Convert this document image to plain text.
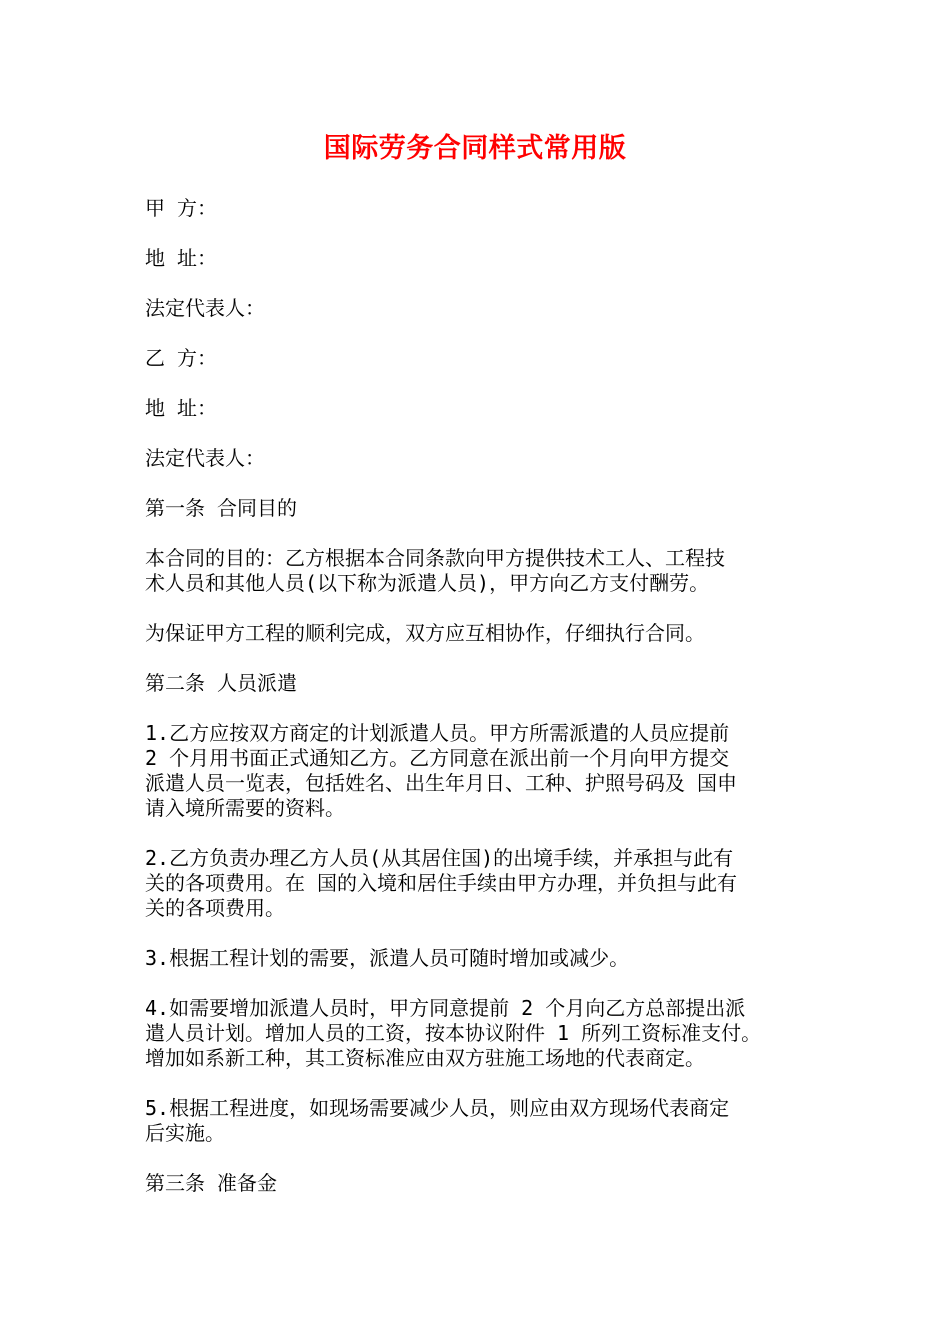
国际劳务合同样式常用版
甲 方：
地 址：
法定代表人：
乙 方：
地 址：
法定代表人：
第一条 合同目的
本合同的目的：乙方根据本合同条款向甲方提供技术工人、工程技
术人员和其他人员(以下称为派遣人员)，甲方向乙方支付酬劳。
为保证甲方工程的顺利完成，双方应互相协作，仔细执行合同。
第二条 人员派遣
1.乙方应按双方商定的计划派遣人员。甲方所需派遣的人员应提前
2 个月用书面正式通知乙方。乙方同意在派出前一个月向甲方提交
派遣人员一览表，包括姓名、出生年月日、工种、护照号码及 国申
请入境所需要的资料。
2.乙方负责办理乙方人员(从其居住国)的出境手续，并承担与此有
关的各项费用。在 国的入境和居住手续由甲方办理，并负担与此有
关的各项费用。
3.根据工程计划的需要，派遣人员可随时增加或减少。
4.如需要增加派遣人员时，甲方同意提前 2 个月向乙方总部提出派
遣人员计划。增加人员的工资，按本协议附件 1 所列工资标准支付。
增加如系新工种，其工资标准应由双方驻施工场地的代表商定。
5.根据工程进度，如现场需要减少人员，则应由双方现场代表商定
后实施。
第三条 准备金
